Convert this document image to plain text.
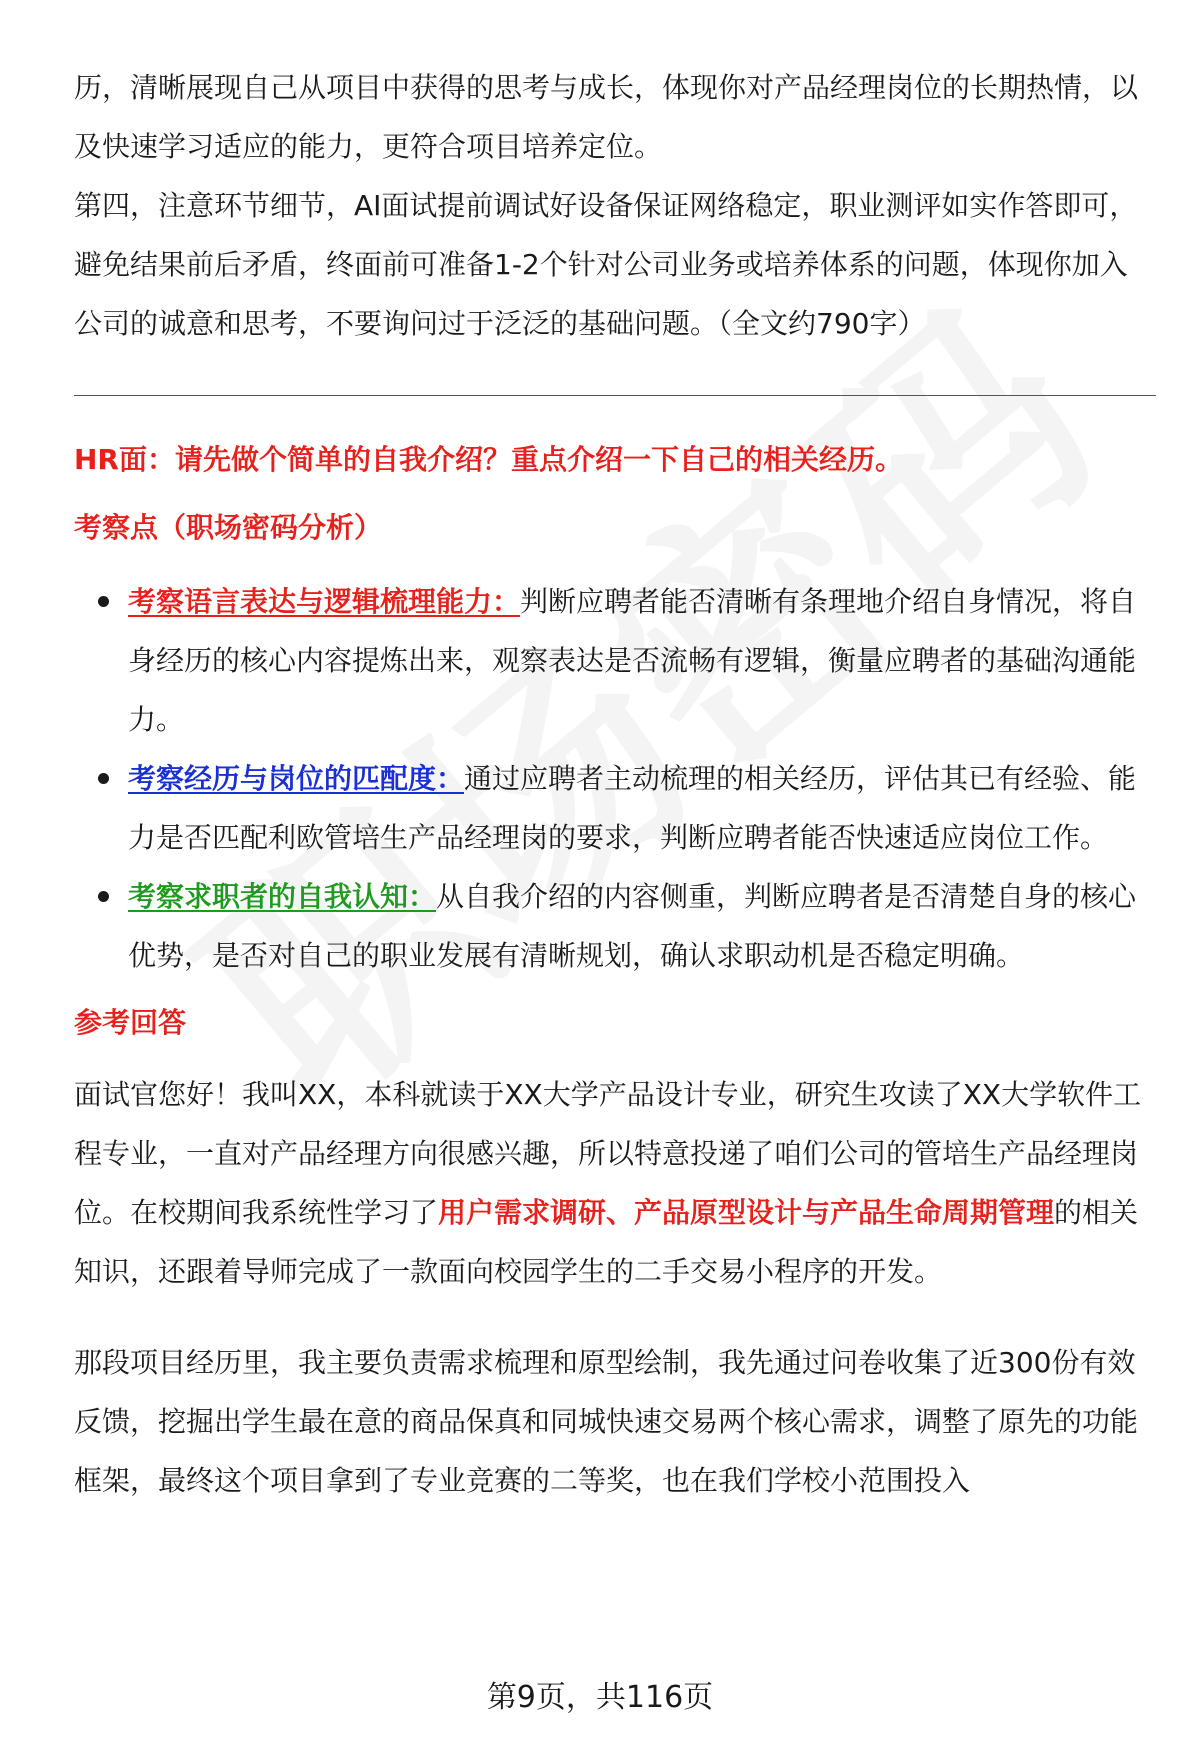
历，清晰展现自己从项目中获得的思考与成长，体现你对产品经理岗位的长期热情，以及快速学习适应的能力，更符合项目培养定位。

第四，注意环节细节，AI面试提前调试好设备保证网络稳定，职业测评如实作答即可，避免结果前后矛盾，终面前可准备1-2个针对公司业务或培养体系的问题，体现你加入公司的诚意和思考，不要询问过于泛泛的基础问题。（全文约790字）

HR面：请先做个简单的自我介绍？重点介绍一下自己的相关经历。
考察点（职场密码分析）
考察语言表达与逻辑梳理能力：判断应聘者能否清晰有条理地介绍自身情况，将自身经历的核心内容提炼出来，观察表达是否流畅有逻辑，衡量应聘者的基础沟通能力。
考察经历与岗位的匹配度：通过应聘者主动梳理的相关经历，评估其已有经验、能力是否匹配利欧管培生产品经理岗的要求，判断应聘者能否快速适应岗位工作。
考察求职者的自我认知：从自我介绍的内容侧重，判断应聘者是否清楚自身的核心优势，是否对自己的职业发展有清晰规划，确认求职动机是否稳定明确。
参考回答

面试官您好！我叫XX，本科就读于XX大学产品设计专业，研究生攻读了XX大学软件工程专业，一直对产品经理方向很感兴趣，所以特意投递了咱们公司的管培生产品经理岗位。在校期间我系统性学习了用户需求调研、产品原型设计与产品生命周期管理的相关知识，还跟着导师完成了一款面向校园学生的二手交易小程序的开发。

那段项目经历里，我主要负责需求梳理和原型绘制，我先通过问卷收集了近300份有效反馈，挖掘出学生最在意的商品保真和同城快速交易两个核心需求，调整了原先的功能框架，最终这个项目拿到了专业竞赛的二等奖，也在我们学校小范围投入

第9页，共116页
